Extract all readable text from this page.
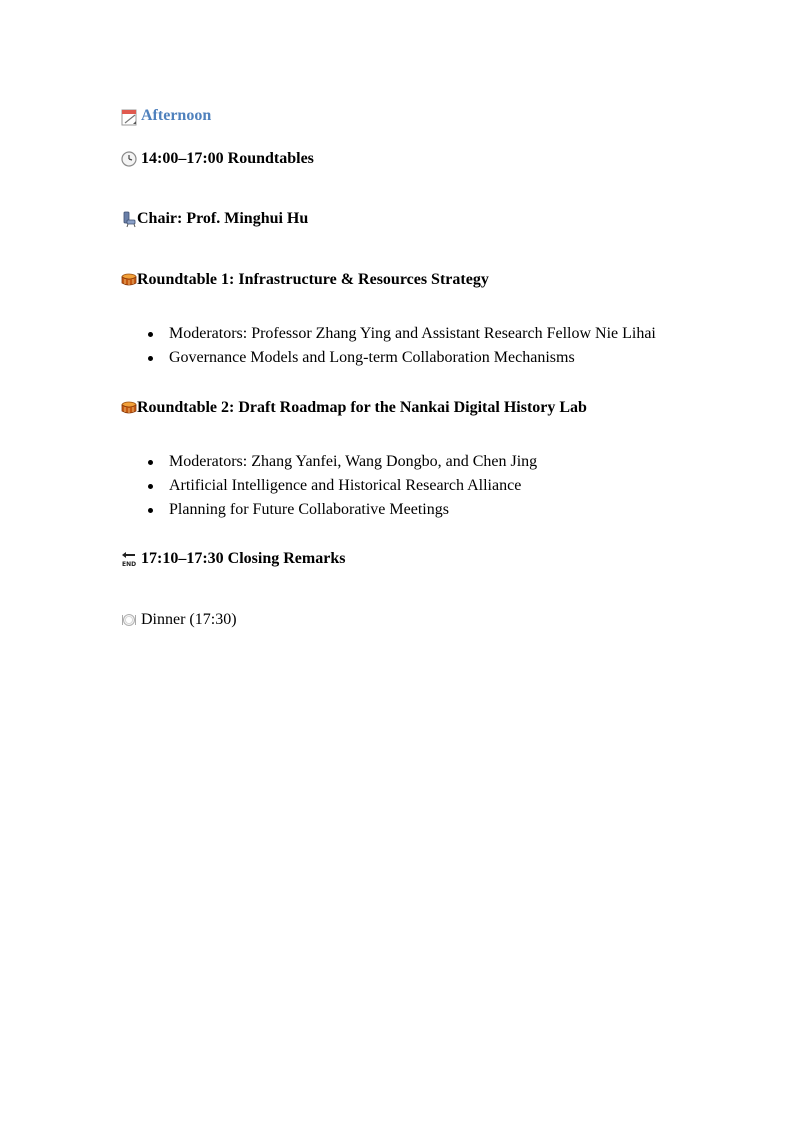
Afternoon
14:00–17:00 Roundtables
Chair: Prof. Minghui Hu
Roundtable 1: Infrastructure & Resources Strategy
Moderators: Professor Zhang Ying and Assistant Research Fellow Nie Lihai
Governance Models and Long-term Collaboration Mechanisms
Roundtable 2: Draft Roadmap for the Nankai Digital History Lab
Moderators: Zhang Yanfei, Wang Dongbo, and Chen Jing
Artificial Intelligence and Historical Research Alliance
Planning for Future Collaborative Meetings
END 17:10–17:30 Closing Remarks
Dinner (17:30)
